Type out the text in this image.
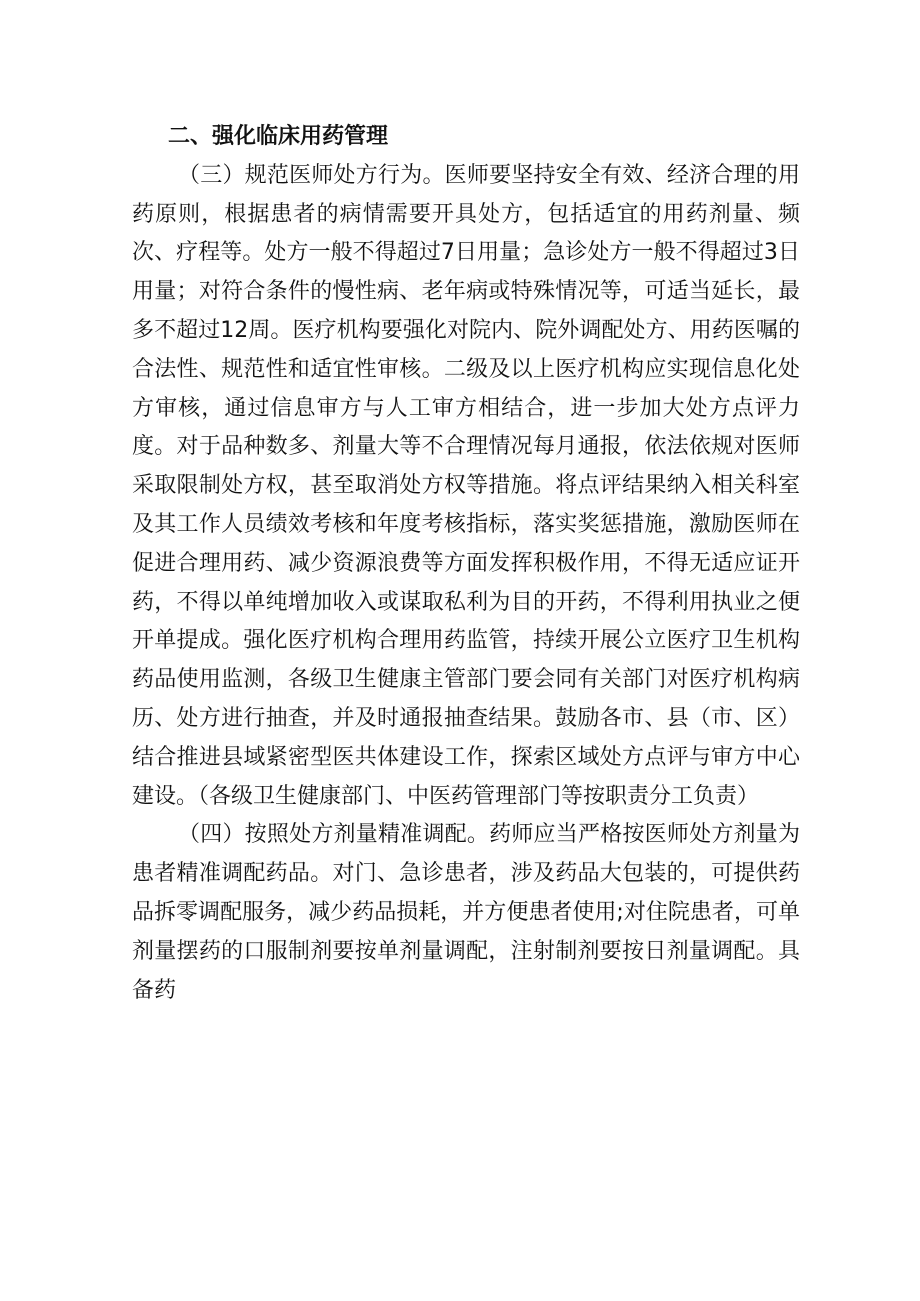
二、强化临床用药管理

（三）规范医师处方行为。医师要坚持安全有效、经济合理的用药原则，根据患者的病情需要开具处方，包括适宜的用药剂量、频次、疗程等。处方一般不得超过7日用量；急诊处方一般不得超过3日用量；对符合条件的慢性病、老年病或特殊情况等，可适当延长，最多不超过12周。医疗机构要强化对院内、院外调配处方、用药医嘱的合法性、规范性和适宜性审核。二级及以上医疗机构应实现信息化处方审核，通过信息审方与人工审方相结合，进一步加大处方点评力度。对于品种数多、剂量大等不合理情况每月通报，依法依规对医师采取限制处方权，甚至取消处方权等措施。将点评结果纳入相关科室及其工作人员绩效考核和年度考核指标，落实奖惩措施，激励医师在促进合理用药、减少资源浪费等方面发挥积极作用，不得无适应证开药，不得以单纯增加收入或谋取私利为目的开药，不得利用执业之便开单提成。强化医疗机构合理用药监管，持续开展公立医疗卫生机构药品使用监测，各级卫生健康主管部门要会同有关部门对医疗机构病历、处方进行抽查，并及时通报抽查结果。鼓励各市、县（市、区）结合推进县域紧密型医共体建设工作，探索区域处方点评与审方中心建设。（各级卫生健康部门、中医药管理部门等按职责分工负责）

（四）按照处方剂量精准调配。药师应当严格按医师处方剂量为患者精准调配药品。对门、急诊患者，涉及药品大包装的，可提供药品拆零调配服务，减少药品损耗，并方便患者使用;对住院患者，可单剂量摆药的口服制剂要按单剂量调配，注射制剂要按日剂量调配。具备药
